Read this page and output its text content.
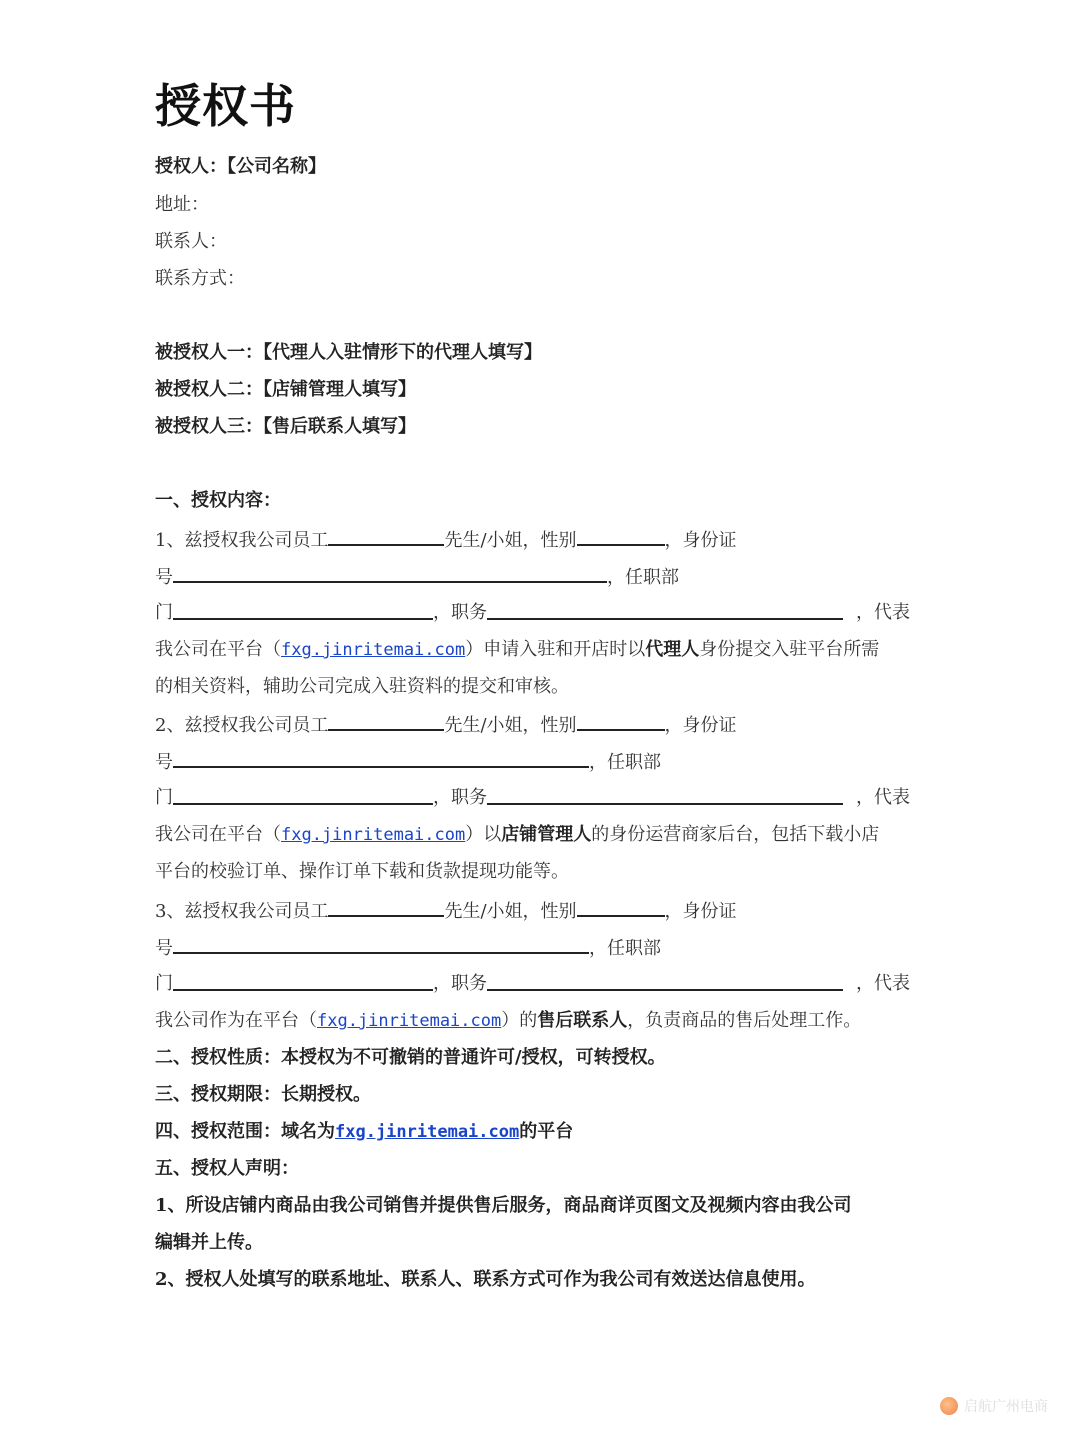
授权书
授权人：【公司名称】
地址：
联系人：
联系方式：
被授权人一：【代理人入驻情形下的代理人填写】
被授权人二：【店铺管理人填写】
被授权人三：【售后联系人填写】
一、授权内容：
1、兹授权我公司员工	先生/小姐，性别	，身份证
号	，任职部
门	，职务	，代表
我公司在平台（fxg.jinritemai.com）申请入驻和开店时以代理人身份提交入驻平台所需
的相关资料，辅助公司完成入驻资料的提交和审核。
2、兹授权我公司员工	先生/小姐，性别	，身份证
号	，任职部
门	，职务	，代表
我公司在平台（fxg.jinritemai.com）以店铺管理人的身份运营商家后台，包括下载小店
平台的校验订单、操作订单下载和货款提现功能等。
3、兹授权我公司员工	先生/小姐，性别	，身份证
号	，任职部
门	，职务	，代表
我公司作为在平台（fxg.jinritemai.com）的售后联系人，负责商品的售后处理工作。
二、授权性质：本授权为不可撤销的普通许可/授权，可转授权。
三、授权期限：长期授权。
四、授权范围：域名为fxg.jinritemai.com的平台
五、授权人声明：
1、所设店铺内商品由我公司销售并提供售后服务，商品商详页图文及视频内容由我公司
编辑并上传。
2、授权人处填写的联系地址、联系人、联系方式可作为我公司有效送达信息使用。
启航广州电商
